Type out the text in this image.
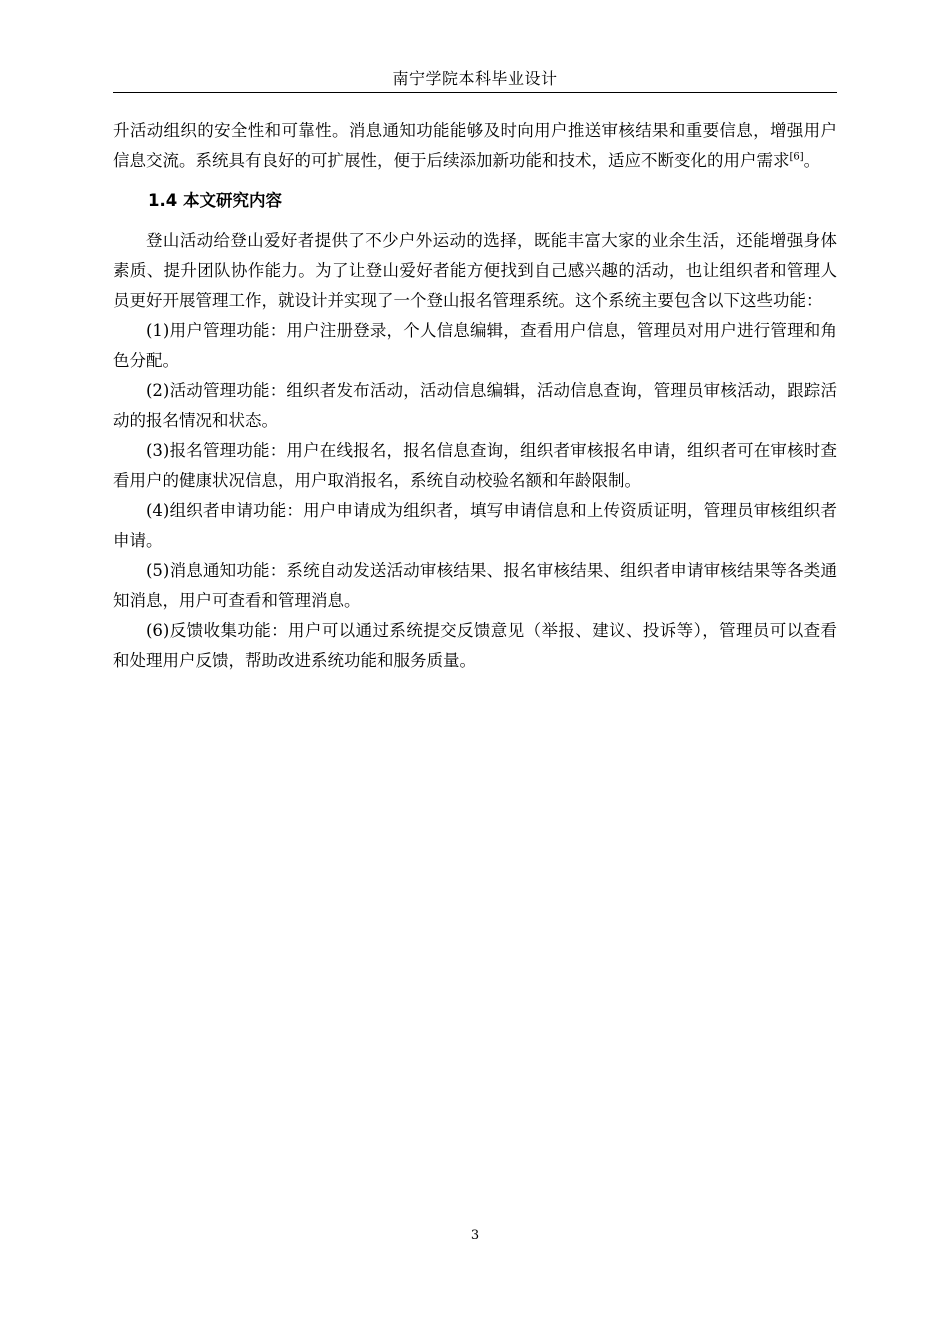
南宁学院本科毕业设计

升活动组织的安全性和可靠性。消息通知功能能够及时向用户推送审核结果和重要信息，增强用户信息交流。系统具有良好的可扩展性，便于后续添加新功能和技术，适应不断变化的用户需求[6]。

1.4 本文研究内容

登山活动给登山爱好者提供了不少户外运动的选择，既能丰富大家的业余生活，还能增强身体素质、提升团队协作能力。为了让登山爱好者能方便找到自己感兴趣的活动，也让组织者和管理人员更好开展管理工作，就设计并实现了一个登山报名管理系统。这个系统主要包含以下这些功能：

(1)用户管理功能：用户注册登录，个人信息编辑，查看用户信息，管理员对用户进行管理和角色分配。

(2)活动管理功能：组织者发布活动，活动信息编辑，活动信息查询，管理员审核活动，跟踪活动的报名情况和状态。

(3)报名管理功能：用户在线报名，报名信息查询，组织者审核报名申请，组织者可在审核时查看用户的健康状况信息，用户取消报名，系统自动校验名额和年龄限制。

(4)组织者申请功能：用户申请成为组织者，填写申请信息和上传资质证明，管理员审核组织者申请。

(5)消息通知功能：系统自动发送活动审核结果、报名审核结果、组织者申请审核结果等各类通知消息，用户可查看和管理消息。

(6)反馈收集功能：用户可以通过系统提交反馈意见（举报、建议、投诉等），管理员可以查看和处理用户反馈，帮助改进系统功能和服务质量。

3
